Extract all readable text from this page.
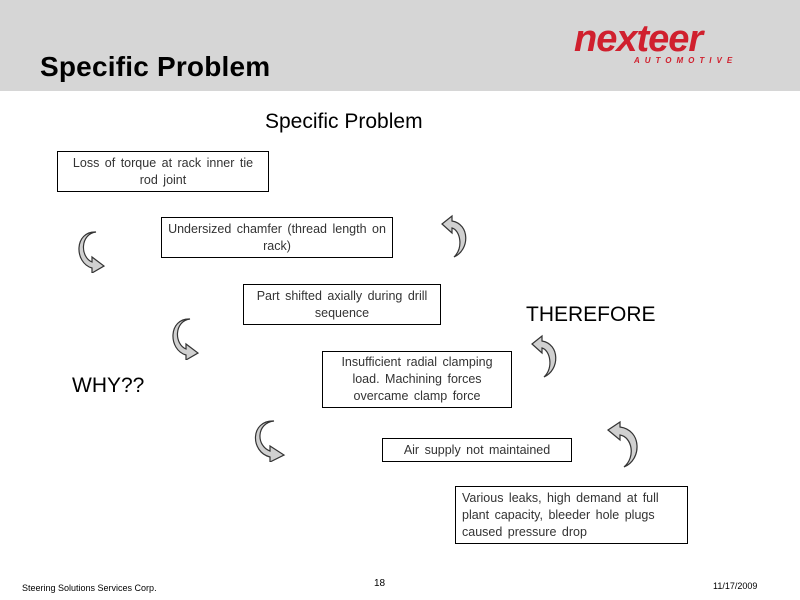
Specific Problem
nexteer
AUTOMOTIVE
Specific Problem
Loss of torque at rack inner tie rod joint
Undersized chamfer (thread length on rack)
Part shifted axially during drill sequence
Insufficient radial clamping load. Machining forces overcame clamp force
Air supply not maintained
Various leaks, high demand at full plant capacity, bleeder hole plugs caused pressure drop
WHY??
THEREFORE
Steering Solutions Services Corp.	18	11/17/2009
